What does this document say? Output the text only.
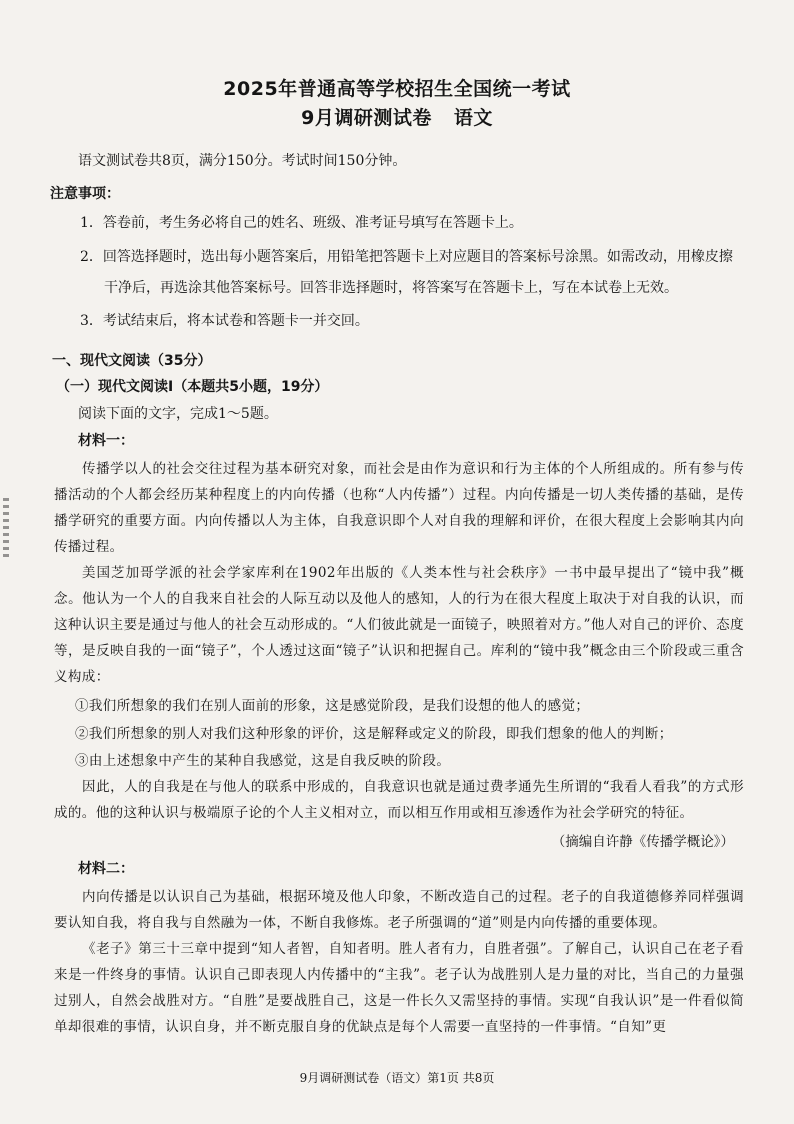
2025年普通高等学校招生全国统一考试
9月调研测试卷 语文
语文测试卷共8页，满分150分。考试时间150分钟。
注意事项：
1．答卷前，考生务必将自己的姓名、班级、准考证号填写在答题卡上。
2．回答选择题时，选出每小题答案后，用铅笔把答题卡上对应题目的答案标号涂黑。如需改动，用橡皮擦
干净后，再选涂其他答案标号。回答非选择题时，将答案写在答题卡上，写在本试卷上无效。
3．考试结束后，将本试卷和答题卡一并交回。
一、现代文阅读（35分）
（一）现代文阅读Ⅰ（本题共5小题，19分）
阅读下面的文字，完成1～5题。
材料一：
传播学以人的社会交往过程为基本研究对象，而社会是由作为意识和行为主体的个人所组成的。所有参与传播活动的个人都会经历某种程度上的内向传播（也称“人内传播”）过程。内向传播是一切人类传播的基础，是传播学研究的重要方面。内向传播以人为主体，自我意识即个人对自我的理解和评价，在很大程度上会影响其内向传播过程。
美国芝加哥学派的社会学家库利在1902年出版的《人类本性与社会秩序》一书中最早提出了“镜中我”概念。他认为一个人的自我来自社会的人际互动以及他人的感知，人的行为在很大程度上取决于对自我的认识，而这种认识主要是通过与他人的社会互动形成的。“人们彼此就是一面镜子，映照着对方。”他人对自己的评价、态度等，是反映自我的一面“镜子”，个人透过这面“镜子”认识和把握自己。库利的“镜中我”概念由三个阶段或三重含义构成：
①我们所想象的我们在别人面前的形象，这是感觉阶段，是我们设想的他人的感觉；
②我们所想象的别人对我们这种形象的评价，这是解释或定义的阶段，即我们想象的他人的判断；
③由上述想象中产生的某种自我感觉，这是自我反映的阶段。
因此，人的自我是在与他人的联系中形成的，自我意识也就是通过费孝通先生所谓的“我看人看我”的方式形成的。他的这种认识与极端原子论的个人主义相对立，而以相互作用或相互渗透作为社会学研究的特征。
（摘编自许静《传播学概论》）
材料二：
内向传播是以认识自己为基础，根据环境及他人印象，不断改造自己的过程。老子的自我道德修养同样强调要认知自我，将自我与自然融为一体，不断自我修炼。老子所强调的“道”则是内向传播的重要体现。
《老子》第三十三章中提到“知人者智，自知者明。胜人者有力，自胜者强”。了解自己，认识自己在老子看来是一件终身的事情。认识自己即表现人内传播中的“主我”。老子认为战胜别人是力量的对比，当自己的力量强过别人，自然会战胜对方。“自胜”是要战胜自己，这是一件长久又需坚持的事情。实现“自我认识”是一件看似简单却很难的事情，认识自身，并不断克服自身的优缺点是每个人需要一直坚持的一件事情。“自知”更
9月调研测试卷（语文）第1页 共8页
